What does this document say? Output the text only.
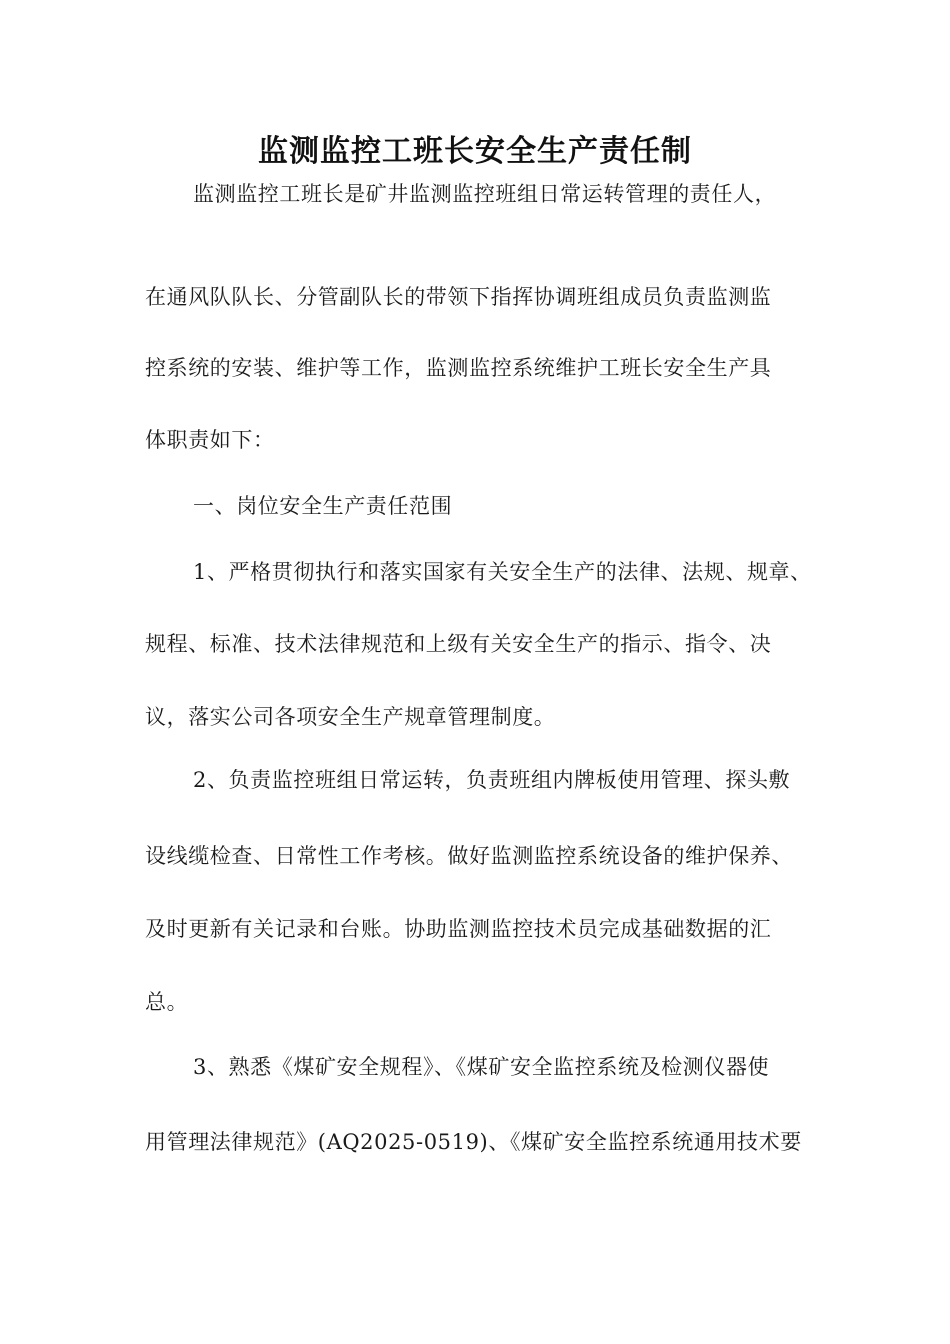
监测监控工班长安全生产责任制

监测监控工班长是矿井监测监控班组日常运转管理的责任人，

在通风队队长、分管副队长的带领下指挥协调班组成员负责监测监

控系统的安装、维护等工作，监测监控系统维护工班长安全生产具

体职责如下：

一、岗位安全生产责任范围

1、严格贯彻执行和落实国家有关安全生产的法律、法规、规章、

规程、标准、技术法律规范和上级有关安全生产的指示、指令、决

议，落实公司各项安全生产规章管理制度。

2、负责监控班组日常运转，负责班组内牌板使用管理、探头敷

设线缆检查、日常性工作考核。做好监测监控系统设备的维护保养、

及时更新有关记录和台账。协助监测监控技术员完成基础数据的汇

总。

3、熟悉《煤矿安全规程》、《煤矿安全监控系统及检测仪器使

用管理法律规范》(AQ2025-0519)、《煤矿安全监控系统通用技术要
